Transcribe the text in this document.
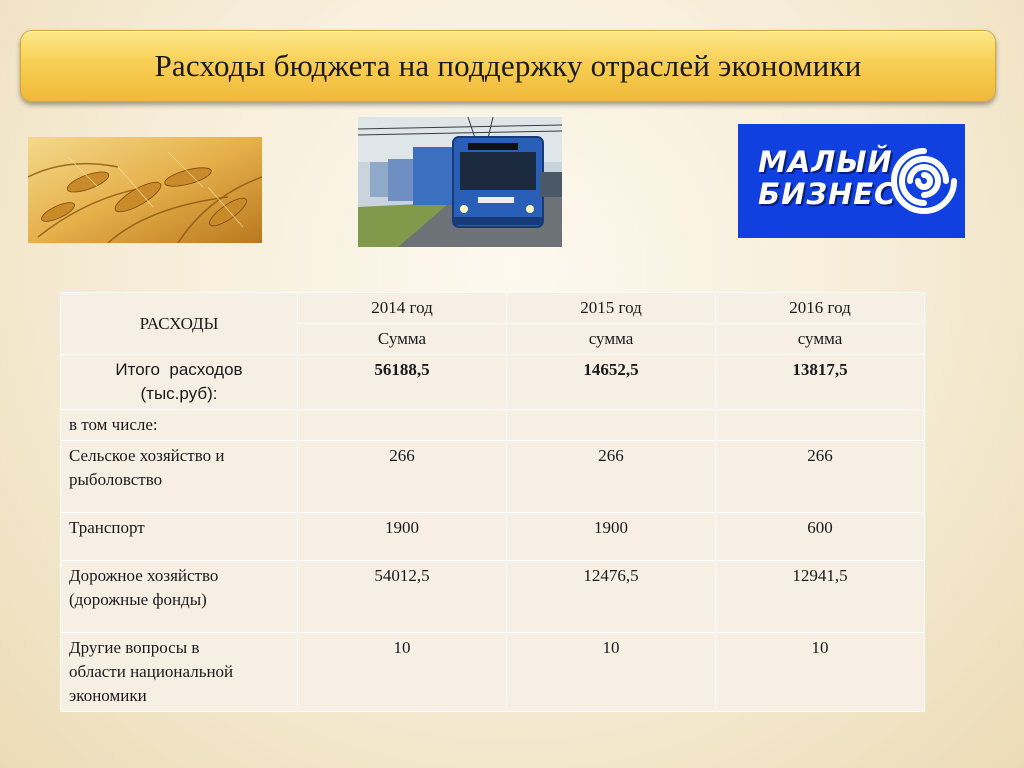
Расходы бюджета на поддержку отраслей экономики
МАЛЫЙ
БИЗНЕС
РАСХОДЫ	2014 год	2015 год	2016 год
	Сумма	сумма	сумма

Итого  расходов
(тыс.руб):	56188,5	14652,5	13817,5
в том числе:			

Сельское хозяйство и
рыболовство	266	266	266

Транспорт	1900	1900	600

Дорожное хозяйство
(дорожные фонды)	54012,5	12476,5	12941,5

Другие вопросы в
области национальной
экономики	10	10	10
